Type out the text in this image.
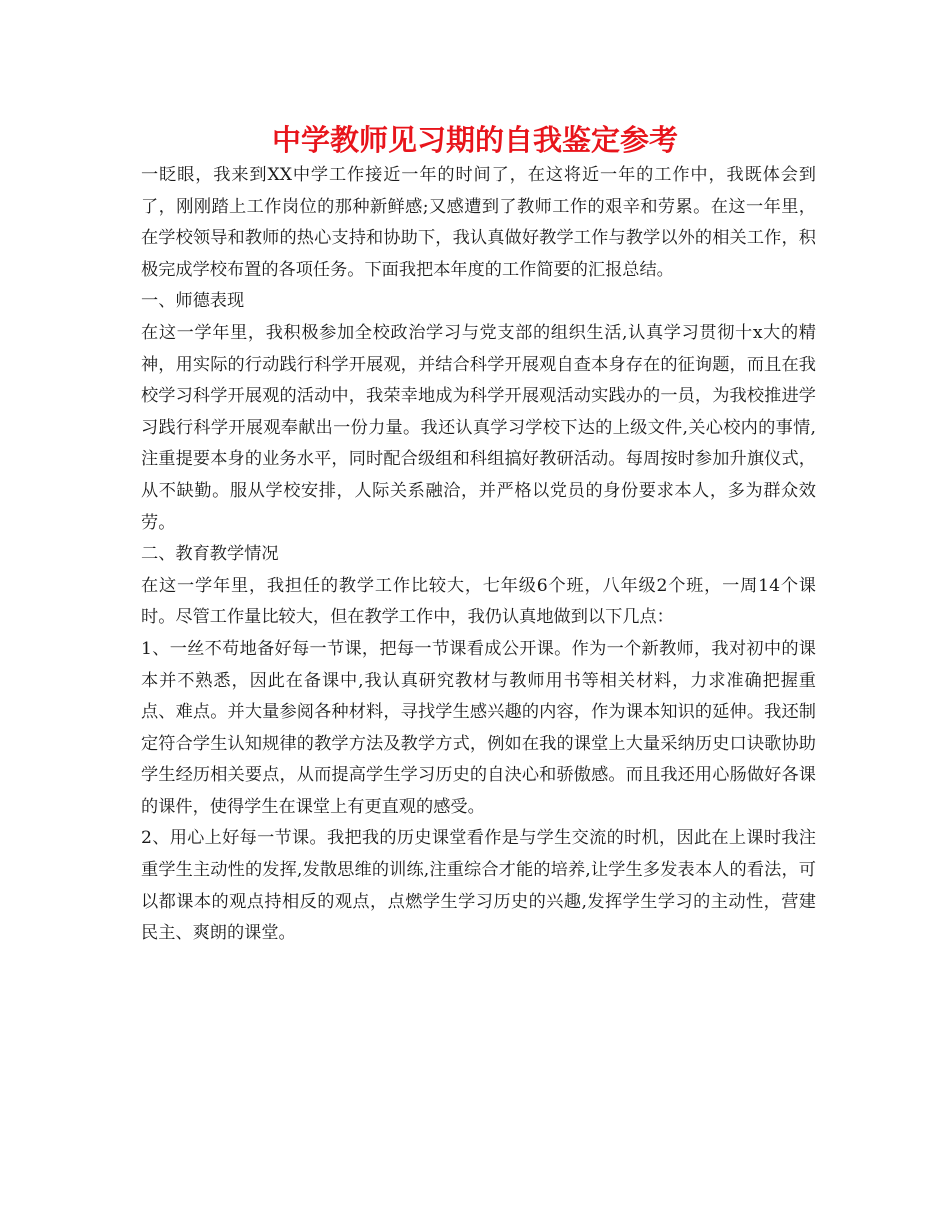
中学教师见习期的自我鉴定参考

一眨眼，我来到XX中学工作接近一年的时间了，在这将近一年的工作中，我既体会到了，刚刚踏上工作岗位的那种新鲜感;又感遭到了教师工作的艰辛和劳累。在这一年里，在学校领导和教师的热心支持和协助下，我认真做好教学工作与教学以外的相关工作，积极完成学校布置的各项任务。下面我把本年度的工作简要的汇报总结。

一、师德表现

在这一学年里，我积极参加全校政治学习与党支部的组织生活,认真学习贯彻十x大的精神，用实际的行动践行科学开展观，并结合科学开展观自查本身存在的征询题，而且在我校学习科学开展观的活动中，我荣幸地成为科学开展观活动实践办的一员，为我校推进学习践行科学开展观奉献出一份力量。我还认真学习学校下达的上级文件,关心校内的事情,注重提要本身的业务水平，同时配合级组和科组搞好教研活动。每周按时参加升旗仪式，从不缺勤。服从学校安排，人际关系融洽，并严格以党员的身份要求本人，多为群众效劳。

二、教育教学情况

在这一学年里，我担任的教学工作比较大，七年级6个班，八年级2个班，一周14个课时。尽管工作量比较大，但在教学工作中，我仍认真地做到以下几点：

1、一丝不苟地备好每一节课，把每一节课看成公开课。作为一个新教师，我对初中的课本并不熟悉，因此在备课中,我认真研究教材与教师用书等相关材料，力求准确把握重点、难点。并大量参阅各种材料，寻找学生感兴趣的内容，作为课本知识的延伸。我还制定符合学生认知规律的教学方法及教学方式，例如在我的课堂上大量采纳历史口诀歌协助学生经历相关要点，从而提高学生学习历史的自決心和骄傲感。而且我还用心肠做好各课的课件，使得学生在课堂上有更直观的感受。

2、用心上好每一节课。我把我的历史课堂看作是与学生交流的时机，因此在上课时我注重学生主动性的发挥,发散思维的训练,注重综合才能的培养,让学生多发表本人的看法，可以都课本的观点持相反的观点，点燃学生学习历史的兴趣,发挥学生学习的主动性，营建民主、爽朗的课堂。
